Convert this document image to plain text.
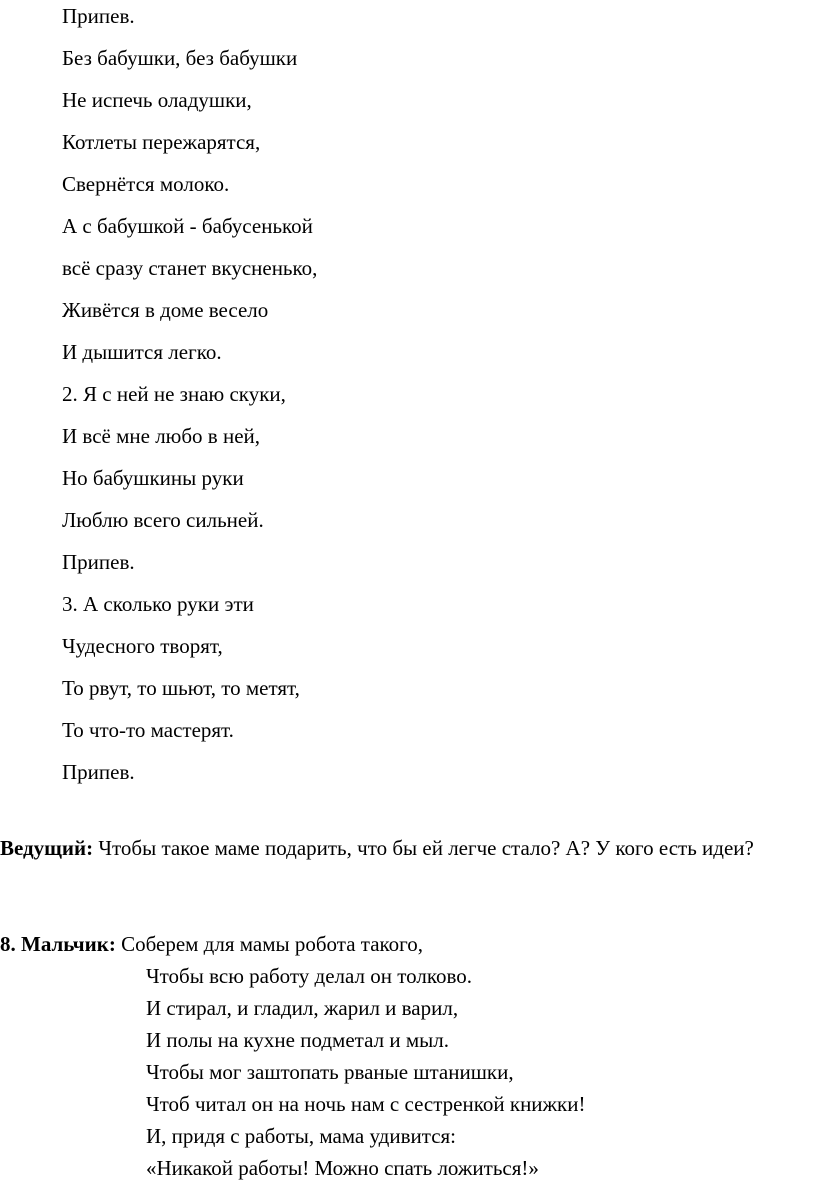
Припев.
Без бабушки, без бабушки
Не испечь оладушки,
Котлеты пережарятся,
Свернётся молоко.
А с бабушкой - бабусенькой
всё сразу станет вкусненько,
Живётся в доме весело
И дышится легко.
2. Я с ней не знаю скуки,
И всё мне любо в ней,
Но бабушкины руки
Люблю всего сильней.
Припев.
3. А сколько руки эти
Чудесного творят,
То рвут, то шьют, то метят,
То что-то мастерят.
Припев.
Ведущий: Чтобы такое маме подарить, что бы ей легче стало? А? У кого есть идеи?
8. Мальчик: Соберем для мамы робота такого,
Чтобы всю работу делал он толково.
И стирал, и гладил, жарил и варил,
И полы на кухне подметал и мыл.
Чтобы мог заштопать рваные штанишки,
Чтоб читал он на ночь нам с сестренкой книжки!
И, придя с работы, мама удивится:
«Никакой работы! Можно спать ложиться!»
